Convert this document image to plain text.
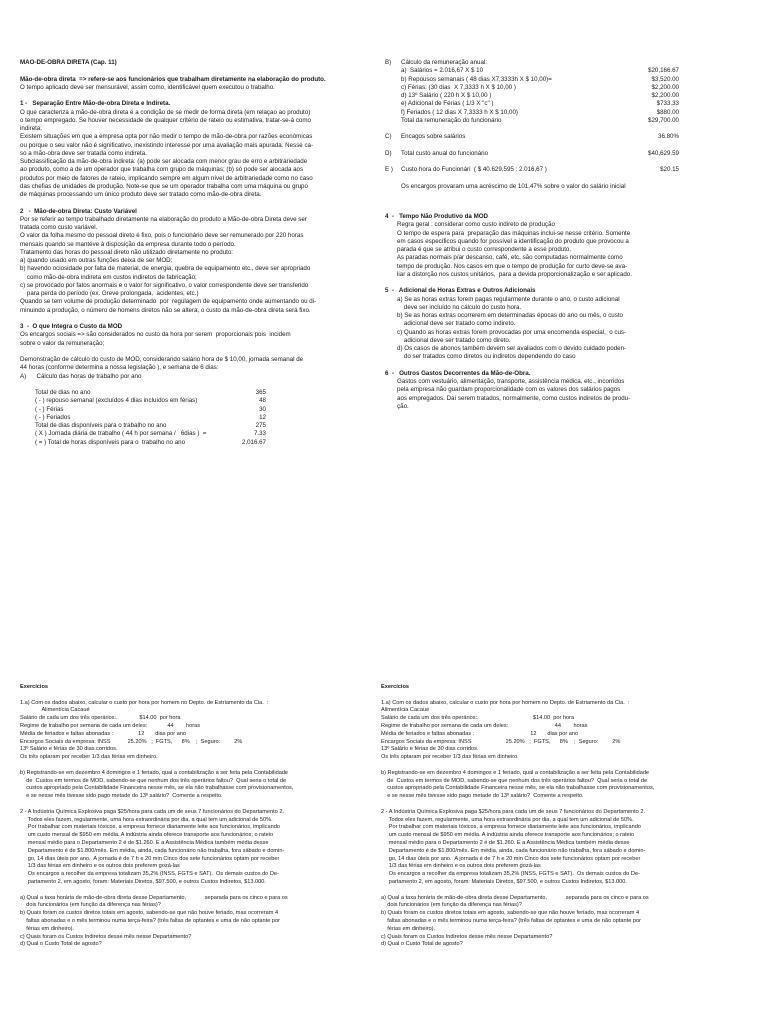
MÃO-DE-OBRA DIRETA (Cap. 11)

Mão-de-obra direta  => refere-se aos funcionários que trabalham diretamente na elaboração do produto.
O tempo aplicado deve ser mensurável, assim como, identificável quem executou o trabalho.

1 -   Separação Entre Mão-de-obra Direta e Indireta.
O que caracteriza a mão-de-obra direta é a condição de se medir de forma direta (em relaçao ao produto)
o tempo empregado. Se houver necessidade de qualquer critério de rateio ou estimativa, tratar-se-á como
indireta.
Existem situações em que a empresa opta por não medir o tempo de mão-de-obra por razões econômicas
ou porque o seu valor não é significativo, inexistindo interesse por uma avaliação mais apurada. Nesse ca-
so a mão-obra deve ser tratada como indireta.
Subclassificação da mão-de-obra indireta: (a) pode ser alocada com menor grau de erro e arbitrariedade
ao produto, como a de um operador que trabalha com grupo de máquinas; (b) só pode ser alocada aos
produtos por meio de fatores de rateio, implicando sempre em algum nível de arbitrariedade como no caso
das chefias de unidades de produção. Note-se que se um operador trabalha com uma máquina ou grupo
de máquinas processando um único produto deve ser tratado como mão-de-obra direta.

2   -  Mão-de-obra Direta: Custo Variável
Por se referir ao tempo trabalhado diretamente na elaboração do produto a Mão-de-obra Direta deve ser
tratada como custo variável.
O valor da folha mesmo do pessoal direto é fixo, pois o funcionário deve ser remunerado por 220 horas
mensais quando se mantéve à disposição da empresa durante todo o período.
Tratamento das horas do pessoal direto não utilizado diretamente no produto:
a) quando usado em outras funções deixa de ser MOD;
b) havendo ociosidade por falta de material, de energia, quebra de equipamento etc., deve ser apropriado
como mão-de-obra indireta em custos indiretos de fabricação;
c) se provocado por fatos anormais e o valor for significativo, o valor correspondente deve ser transferido
para perda do período (ex. Greve prolongada,  acidentes, etc.)
Quando se tem volume de produção determinado  por  regulagem de equipamento onde aumentando ou di-
minuindo a produção, o número de homens diretos não se altera, o custo da mão-de-obra direta será fixo.

3  -  O que Integra o Custo da MOD
Os encargos sociais => são considerados no custo da hora por serem  proporcionais pois  incidem
sobre o valor da remuneração;

Demonstração de cálculo do custo de MOD, considerando salário hora de $ 10,00, jornada semanal de
44 horas (conforme determina a nossa legislação ), e semana de 6 dias:
A)      Cálculo das horas de trabalho por ano
Total de dias no ano	365
( - ) repouso semanal (excluídos 4 dias incluídos em férias)	48
( - ) Férias	30
( - ) Feriados	12
Total de dias disponíveis para o trabalho no ano	275
( X ) Jornada diária de trabalho ( 44 h por semana /   6dias )  =	7.33
( = ) Total de horas disponíveis para o  trabalho no ano	2,016.67
B) Cálculo da remuneração anual:
a)  Salários = 2.016,67 X $ 10	$20,166.67
b) Repousos semanais ( 48 dias X7,3333h X $ 10,00)=	$3,520.00
c) Férias: (30 dias  X 7,3333 h X $ 10,00 )	$2,200.00
d) 13º Salário ( 220 h X $ 10,00 )	$2,200.00
e) Adicional de Férias ( 1/3 X "c" )	$733.33
f) Feriados ( 12 dias X 7,3333 h X $ 10,00)	$880.00
Total da remuneração do funcionário	$29,700.00
C) Encagos sobre salários	36.80%
D) Total custo anual do funcionário	$40,629.59
E ) Custo hora do Funcionári  ( $ 40.629,595 : 2.016,67 )	$20.15
Os encargos provaram uma acréscimo de 101,47% sobre o valor do salário inicial
4  -   Tempo Não Produtivo da MOD
Regra geral : considerar como custo indireto de produção
O tempo de espera para  preparação das máquinas inclui-se nesse critério. Somente
em casos específicos quando for possível a identificação do produto que provocou a
parada é que se atribui o custo correspondente a esse produto.
As paradas normais p/ar descanso, café, etc. são computadas normalmente como
tempo de produção. Nos casos em que o tempo de produção for curto deve-se ava-
liar a distorção nos custos unitários,  para a devida proporcionalização e ser aplicado.

5  -   Adicional de Horas Extras e Outros Adicionais
a) Se as horas extras forem pagas regularmente durante o ano, o custo adicional
deve ser incluído no cálculo do custo hora.
b) Se as horas extras ocorrerem em determinadas épocas do ano ou mês, o custo
adicional deve ser tratado como indireto.
c) Quando as horas extras forem provocadas por uma encomenda especial,  o cus-
adicional deve ser tratado como direto.
d) Os casos de abonos também devem ser avaliados com o devido cuidado poden-
do ser tratados como diretos ou indiretos dependendo do caso

6  -   Outros Gastos Decorrentes da Mão-de-Obra.
Gastos com vestuário, alimentação, transporte, assistência médica, etc., incorridos
pela empresa não guardam proporcionalidade com os valores dos salários pagos
aos empregados. Daí serem tratados, normalmente, como custos indiretos de produ-
ção.
Exercícios

1.a) Com os dados abaixo, calcular o custo por hora por homem no Depto. de Estriamento da Cia.  :
Alimentícia Cacaué
Salário de cada um dos três operários:.              $14.00  por hora
Regime de trabalho por semana de cada um deles:             44        horas
Média de feriados e faltas abonadas :                12       dias por ano
Encargos Sociais da empresa: INSS           25.20%   ;  FGTS,      8%    ;  Seguro:         2%
13º Salário e férias de 30 dias corridos.
Os três optaram por receber 1/3 das férias em dinheiro.

b) Registrando-se em dezembro 4 domingos e 1 feriado, qual a contabilização a ser feita pela Contabilidade
de  Custos em termos de MOD, sabendo-se que nenhum dos três operários faltou?  Qual seria o total de
custos apropriado pela Contabilidade Financeira nesse mês, se ela não trabalhasse com provisionamentos,
e se nesse mês tivesse sido pago metade do 13º salário?  Comente a respeito.

2 - A Indústria Química Explosiva paga $25/hora para cada um de seus 7 funcionários do Departamento 2.
Todos eles fazem, regularmente, uma hora extraordinária por dia, a qual tem um adicional de 50%.
Por trabalhar com materiais tóxicos, a empresa fornece diariamente leite aos funcionários, implicando
um custo mensal de $950 em média. A indústria ainda oferece transporte aos funcionários; o rateio
mensal médio para o Departamento 2 é de $1.260. E a Assistência Médica também média desse
Departamento é de $1.800/mês. Em média, ainda, cada funcionário não trabalha, fora sábado e domin-
go, 14 dias úteis por ano.  A jornada é de 7 h e 20 min Cinco dos sete funcionários optam por receber
1/3 das férias em dinheiro e os outros dois preferem gozá-las
Os encargos a recolher da empresa totalizam 35,2% (INSS, FGTS e SAT).  Os demais custos do De-
partamento 2, em agosto, foram: Materiais Diretos, $97.500, e outros Custos Indiretos, $13.000.

a) Qual a taxa horária de mão-de-obra direta desse Departamento,            separada para os cinco e para os
dois funcionários (em função da diferença nas férias)?
b) Quais foram os custos diretos totais em agosto, sabendo-se que não houve feriado, mas ocorreram 4
faltas abonadas e o mês terminou numa terça-feira? (três faltas de optantes e uma de não optante por
férias em dinheiro).
c) Quais foram os Custos Indiretos desse mês nesse Departamento?
d) Qual o Custo Total de agosto?
Exercícios

1.a) Com os dados abaixo, calcular o custo por hora por homem no Depto. de Estriamento da Cia.  :
Alimentícia Cacaué
Salário de cada um dos três operários:.                                   $14.00  por hora
Regime de trabalho por semana de cada um deles:                              44        horas
Média de feriados e faltas abonadas :                                    12       dias por ano
Encargos Sociais da empresa: INSS                      25.20%   ;  FGTS,      8%    ;  Seguro:         2%
13º Salário e férias de 30 dias corridos.
Os três optaram por receber 1/3 das férias em dinheiro.

b) Registrando-se em dezembro 4 domingos e 1 feriado, qual a contabilização a ser feita pela Contabilidade
de  Custos em termos de MOD, sabendo-se que nenhum dos três operários faltou?  Qual seria o total de
custos apropriado pela Contabilidade Financeira nesse mês, se ela não trabalhasse com provisionamentos,
e se nesse mês tivesse sido pago metade do 13º salário?  Comente a respeito.

2 - A Indústria Química Explosiva paga $25/hora para cada um de seus 7 funcionários do Departamento 2.
Todos eles fazem, regularmente, uma hora extraordinária por dia, a qual tem um adicional de 50%.
Por trabalhar com materiais tóxicos, a empresa fornece diariamente leite aos funcionários, implicando
um custo mensal de $950 em média. A indústria ainda oferece transporte aos funcionários; o rateio
mensal médio para o Departamento 2 é de $1.260. E a Assistência Médica também média desse
Departamento é de $1.800/mês. Em média, ainda, cada funcionário não trabalha, fora sábado e domin-
go, 14 dias úteis por ano.  A jornada é de 7 h e 20 min Cinco dos sete funcionários optam por receber
1/3 das férias em dinheiro e os outros dois preferem gozá-las
Os encargos a recolher da empresa totalizam 35,2% (INSS, FGTS e SAT).  Os demais custos do De-
partamento 2, em agosto, foram: Materiais Diretos, $97.500, e outros Custos Indiretos, $13.000.

a) Qual a taxa horária de mão-de-obra direta desse Departamento,            separada para os cinco e para os
dois funcionários (em função da diferença nas férias)?
b) Quais foram os custos diretos totais em agosto, sabendo-se que não houve feriado, mas ocorreram 4
faltas abonadas e o mês terminou numa terça-feira? (três faltas de optantes e uma de não optante por
férias em dinheiro).
c) Quais foram os Custos Indiretos desse mês nesse Departamento?
d) Qual o Custo Total de agosto?
